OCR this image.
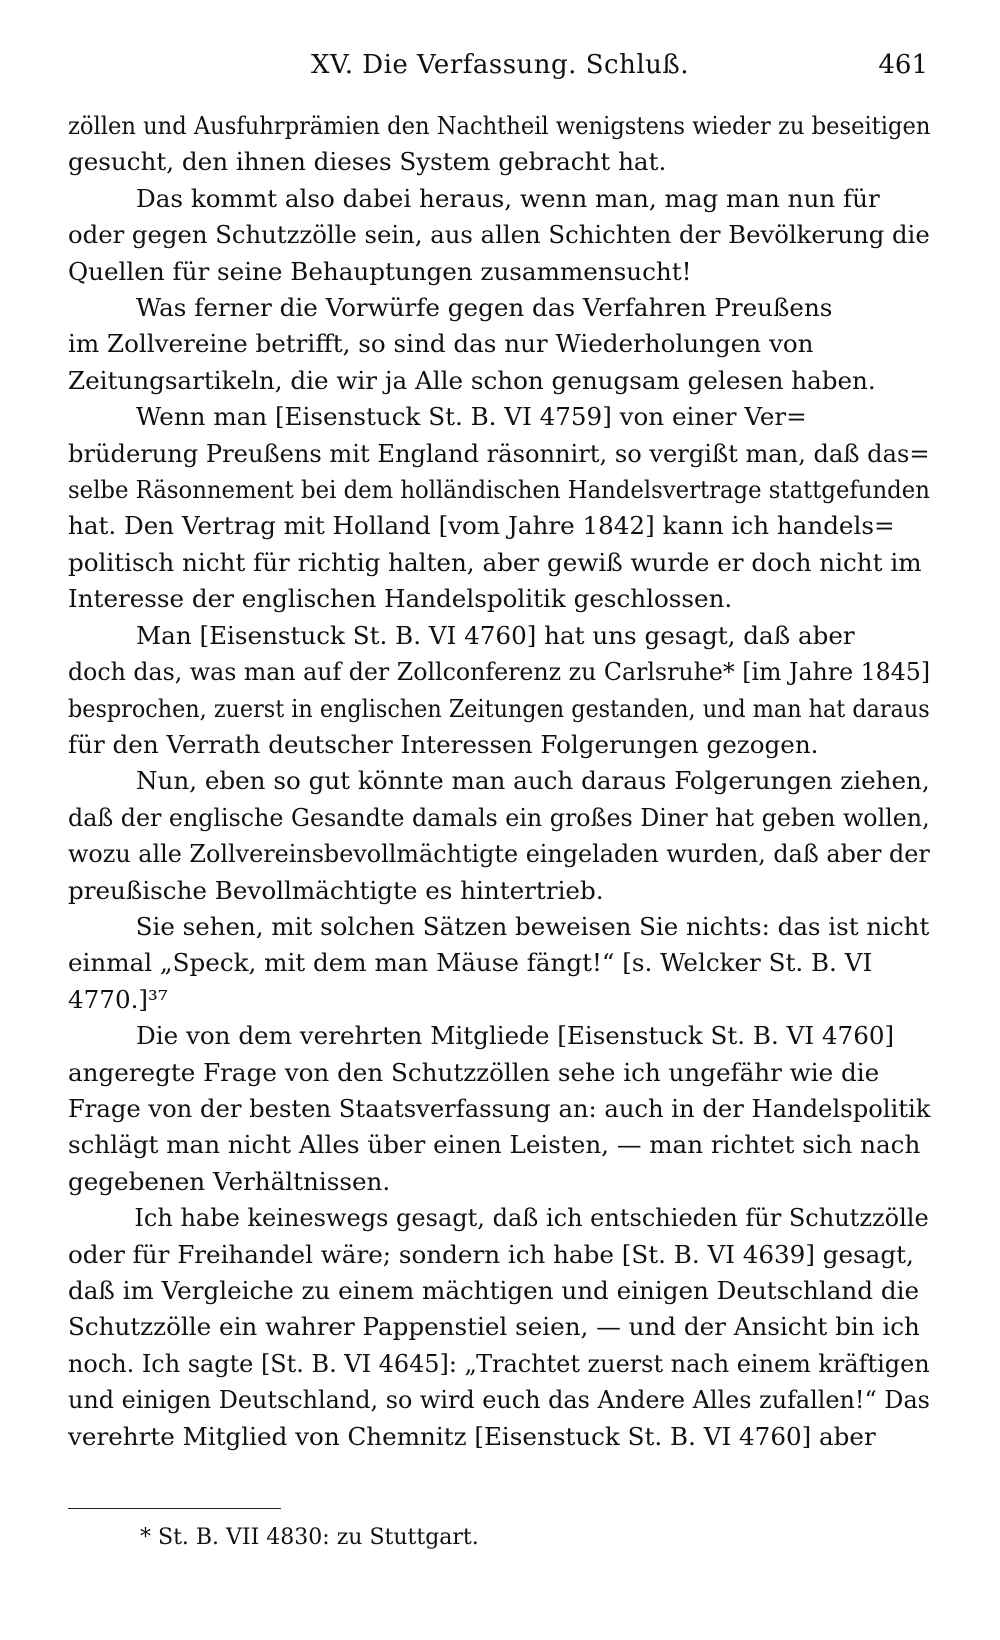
XV. Die Verfassung. Schluß.	461
zöllen und Ausfuhrprämien den Nachtheil wenigstens wieder zu beseitigen
gesucht, den ihnen dieses System gebracht hat.
Das kommt also dabei heraus, wenn man, mag man nun für
oder gegen Schutzzölle sein, aus allen Schichten der Bevölkerung die
Quellen für seine Behauptungen zusammensucht!
Was ferner die Vorwürfe gegen das Verfahren Preußens
im Zollvereine betrifft, so sind das nur Wiederholungen von
Zeitungsartikeln, die wir ja Alle schon genugsam gelesen haben.
Wenn man [Eisenstuck St. B. VI 4759] von einer Ver=
brüderung Preußens mit England räsonnirt, so vergißt man, daß das=
selbe Räsonnement bei dem holländischen Handelsvertrage stattgefunden
hat. Den Vertrag mit Holland [vom Jahre 1842] kann ich handels=
politisch nicht für richtig halten, aber gewiß wurde er doch nicht im
Interesse der englischen Handelspolitik geschlossen.
Man [Eisenstuck St. B. VI 4760] hat uns gesagt, daß aber
doch das, was man auf der Zollconferenz zu Carlsruhe* [im Jahre 1845]
besprochen, zuerst in englischen Zeitungen gestanden, und man hat daraus
für den Verrath deutscher Interessen Folgerungen gezogen.
Nun, eben so gut könnte man auch daraus Folgerungen ziehen,
daß der englische Gesandte damals ein großes Diner hat geben wollen,
wozu alle Zollvereinsbevollmächtigte eingeladen wurden, daß aber der
preußische Bevollmächtigte es hintertrieb.
Sie sehen, mit solchen Sätzen beweisen Sie nichts: das ist nicht
einmal „Speck, mit dem man Mäuse fängt!“ [s. Welcker St. B. VI
4770.]³⁷
Die von dem verehrten Mitgliede [Eisenstuck St. B. VI 4760]
angeregte Frage von den Schutzzöllen sehe ich ungefähr wie die
Frage von der besten Staatsverfassung an: auch in der Handelspolitik
schlägt man nicht Alles über einen Leisten, — man richtet sich nach
gegebenen Verhältnissen.
Ich habe keineswegs gesagt, daß ich entschieden für Schutzzölle
oder für Freihandel wäre; sondern ich habe [St. B. VI 4639] gesagt,
daß im Vergleiche zu einem mächtigen und einigen Deutschland die
Schutzzölle ein wahrer Pappenstiel seien, — und der Ansicht bin ich
noch. Ich sagte [St. B. VI 4645]: „Trachtet zuerst nach einem kräftigen
und einigen Deutschland, so wird euch das Andere Alles zufallen!“ Das
verehrte Mitglied von Chemnitz [Eisenstuck St. B. VI 4760] aber
* St. B. VII 4830: zu Stuttgart.
